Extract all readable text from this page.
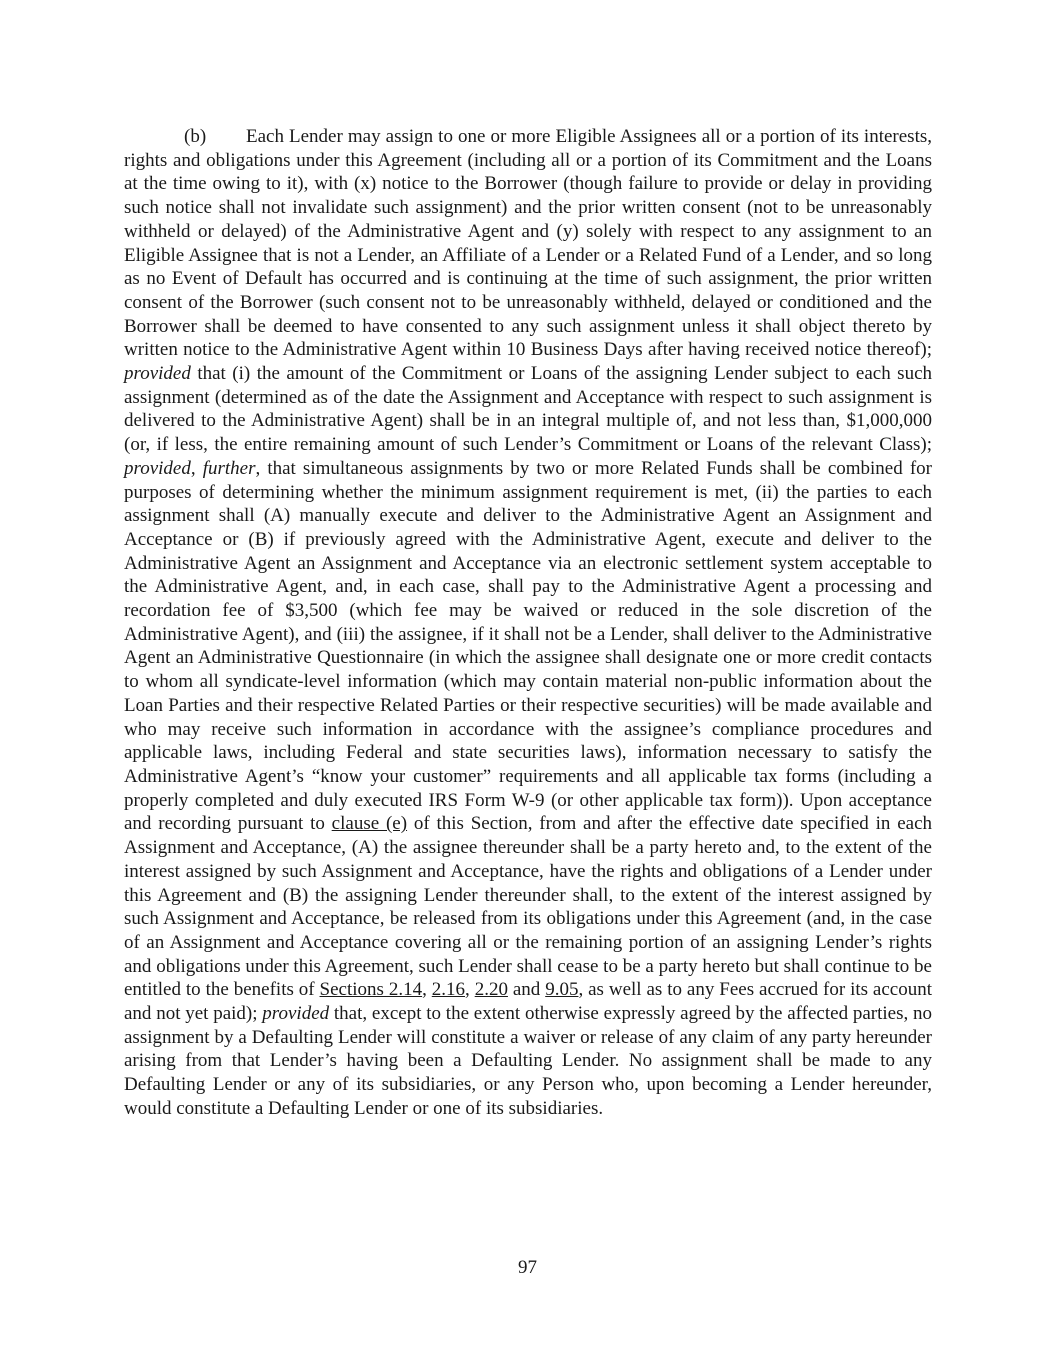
(b) Each Lender may assign to one or more Eligible Assignees all or a portion of its interests, rights and obligations under this Agreement (including all or a portion of its Commitment and the Loans at the time owing to it), with (x) notice to the Borrower (though failure to provide or delay in providing such notice shall not invalidate such assignment) and the prior written consent (not to be unreasonably withheld or delayed) of the Administrative Agent and (y) solely with respect to any assignment to an Eligible Assignee that is not a Lender, an Affiliate of a Lender or a Related Fund of a Lender, and so long as no Event of Default has occurred and is continuing at the time of such assignment, the prior written consent of the Borrower (such consent not to be unreasonably withheld, delayed or conditioned and the Borrower shall be deemed to have consented to any such assignment unless it shall object thereto by written notice to the Administrative Agent within 10 Business Days after having received notice thereof); provided that (i) the amount of the Commitment or Loans of the assigning Lender subject to each such assignment (determined as of the date the Assignment and Acceptance with respect to such assignment is delivered to the Administrative Agent) shall be in an integral multiple of, and not less than, $1,000,000 (or, if less, the entire remaining amount of such Lender’s Commitment or Loans of the relevant Class); provided, further, that simultaneous assignments by two or more Related Funds shall be combined for purposes of determining whether the minimum assignment requirement is met, (ii) the parties to each assignment shall (A) manually execute and deliver to the Administrative Agent an Assignment and Acceptance or (B) if previously agreed with the Administrative Agent, execute and deliver to the Administrative Agent an Assignment and Acceptance via an electronic settlement system acceptable to the Administrative Agent, and, in each case, shall pay to the Administrative Agent a processing and recordation fee of $3,500 (which fee may be waived or reduced in the sole discretion of the Administrative Agent), and (iii) the assignee, if it shall not be a Lender, shall deliver to the Administrative Agent an Administrative Questionnaire (in which the assignee shall designate one or more credit contacts to whom all syndicate-level information (which may contain material non-public information about the Loan Parties and their respective Related Parties or their respective securities) will be made available and who may receive such information in accordance with the assignee’s compliance procedures and applicable laws, including Federal and state securities laws), information necessary to satisfy the Administrative Agent’s “know your customer” requirements and all applicable tax forms (including a properly completed and duly executed IRS Form W-9 (or other applicable tax form)). Upon acceptance and recording pursuant to clause (e) of this Section, from and after the effective date specified in each Assignment and Acceptance, (A) the assignee thereunder shall be a party hereto and, to the extent of the interest assigned by such Assignment and Acceptance, have the rights and obligations of a Lender under this Agreement and (B) the assigning Lender thereunder shall, to the extent of the interest assigned by such Assignment and Acceptance, be released from its obligations under this Agreement (and, in the case of an Assignment and Acceptance covering all or the remaining portion of an assigning Lender’s rights and obligations under this Agreement, such Lender shall cease to be a party hereto but shall continue to be entitled to the benefits of Sections 2.14, 2.16, 2.20 and 9.05, as well as to any Fees accrued for its account and not yet paid); provided that, except to the extent otherwise expressly agreed by the affected parties, no assignment by a Defaulting Lender will constitute a waiver or release of any claim of any party hereunder arising from that Lender’s having been a Defaulting Lender. No assignment shall be made to any Defaulting Lender or any of its subsidiaries, or any Person who, upon becoming a Lender hereunder, would constitute a Defaulting Lender or one of its subsidiaries.

97
